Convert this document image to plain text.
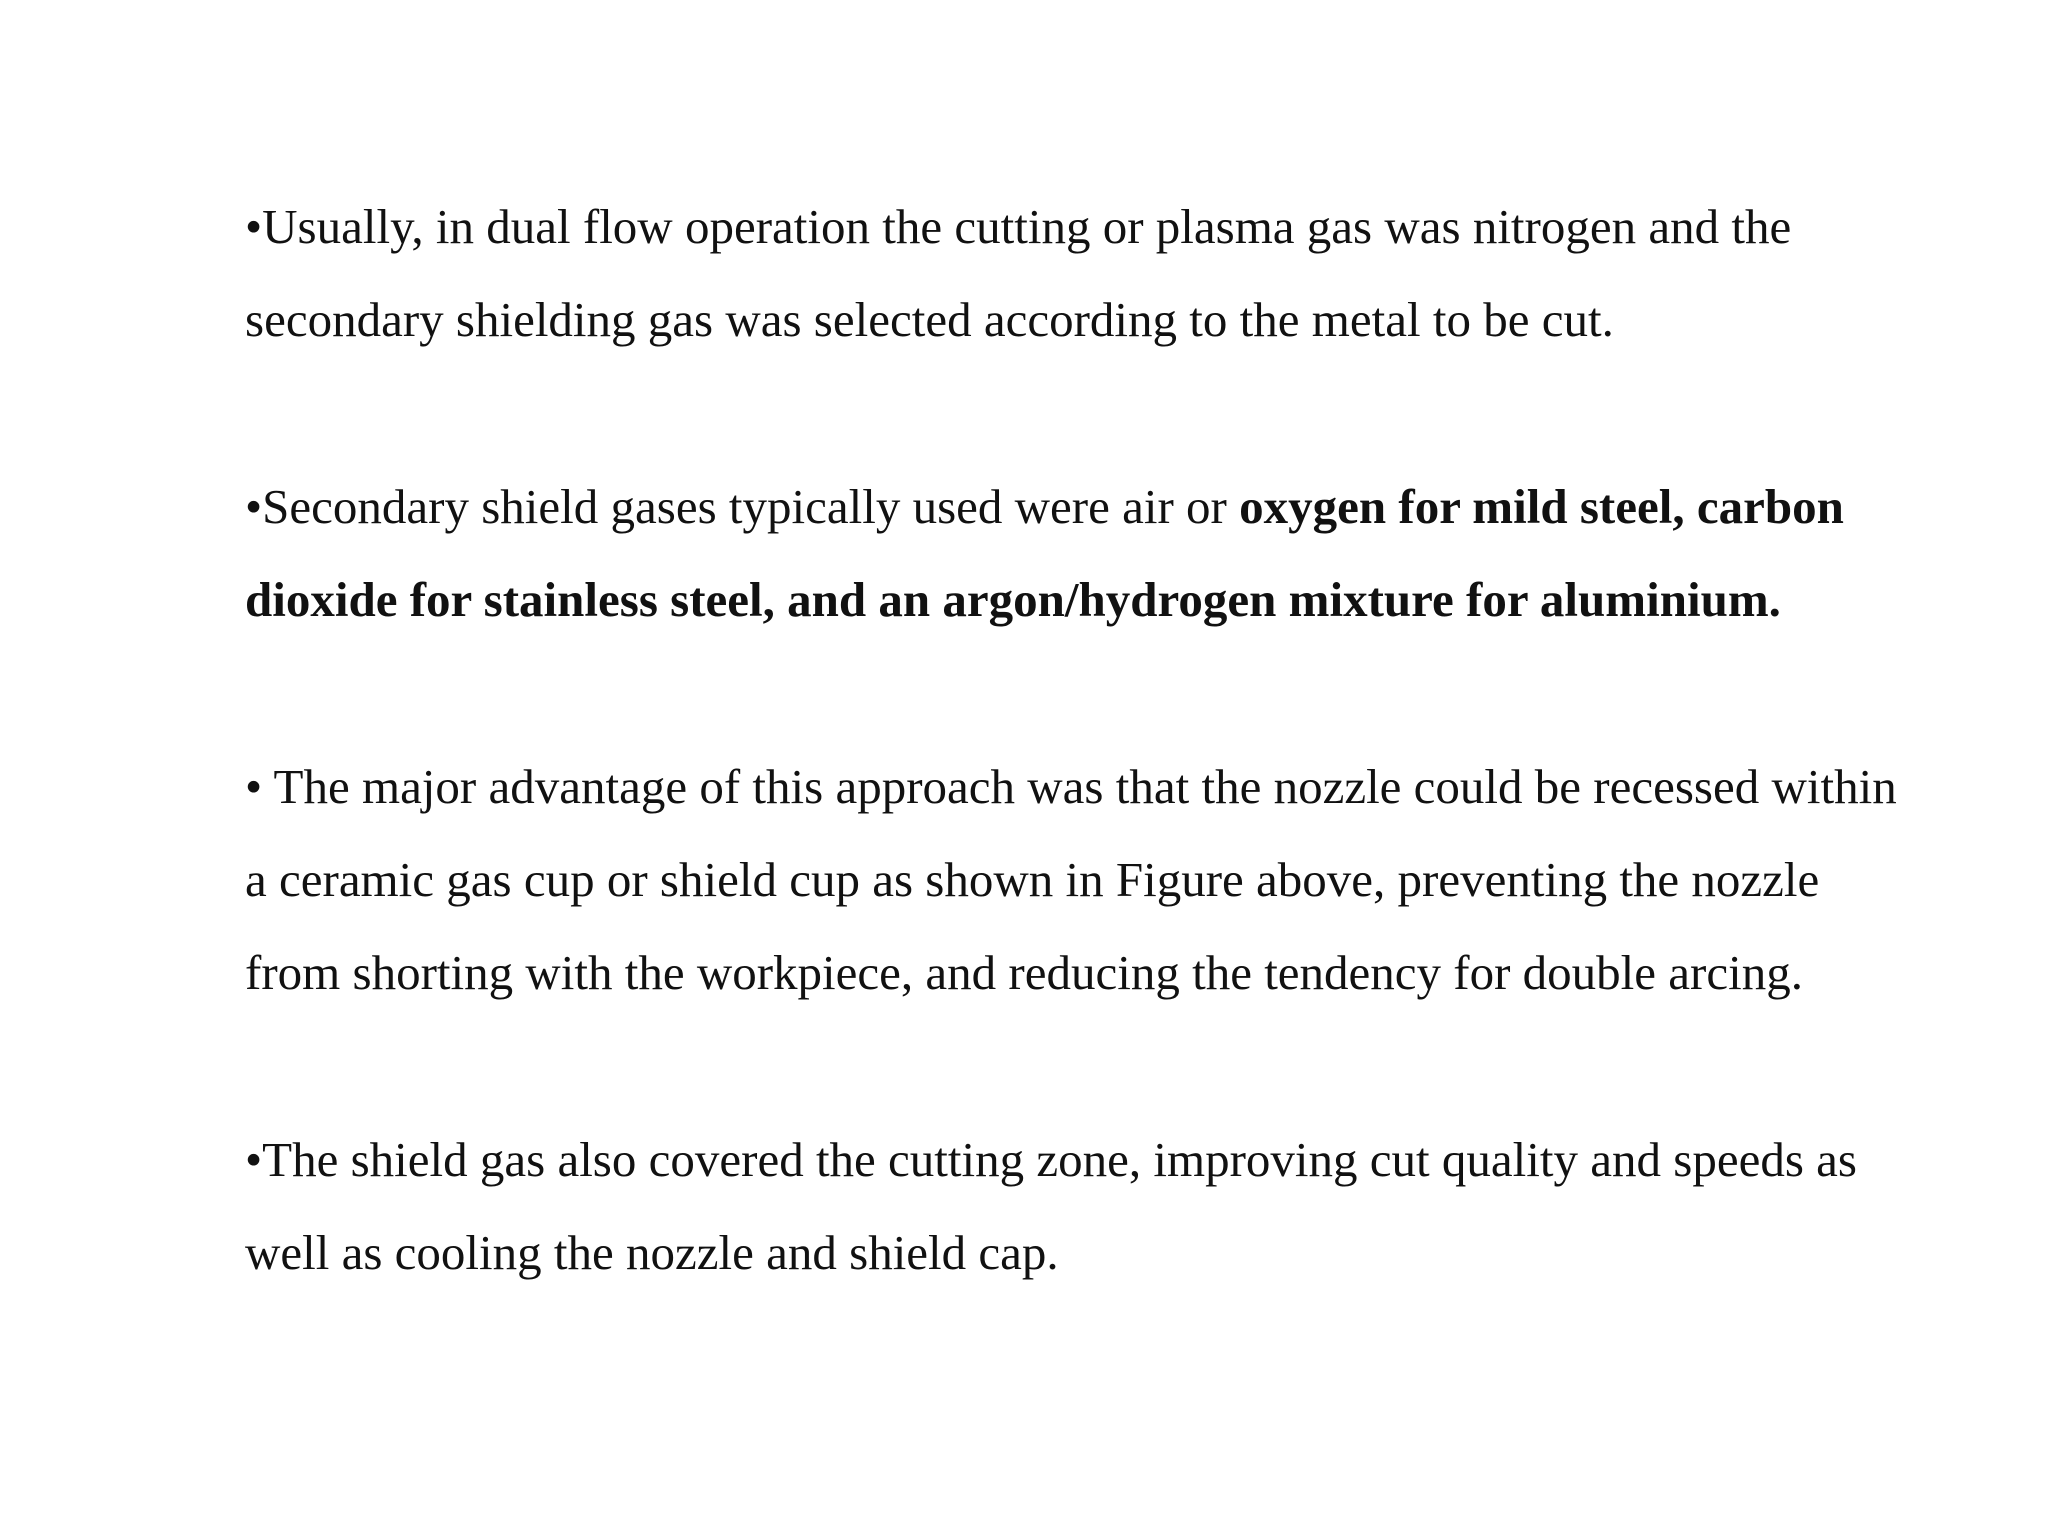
•Usually, in dual flow operation the cutting or plasma gas was nitrogen and the
secondary shielding gas was selected according to the metal to be cut.

•Secondary shield gases typically used were air or oxygen for mild steel, carbon
dioxide for stainless steel, and an argon/hydrogen mixture for aluminium.

• The major advantage of this approach was that the nozzle could be recessed within
a ceramic gas cup or shield cup as shown in Figure above, preventing the nozzle
from shorting with the workpiece, and reducing the tendency for double arcing.

•The shield gas also covered the cutting zone, improving cut quality and speeds as
well as cooling the nozzle and shield cap.
